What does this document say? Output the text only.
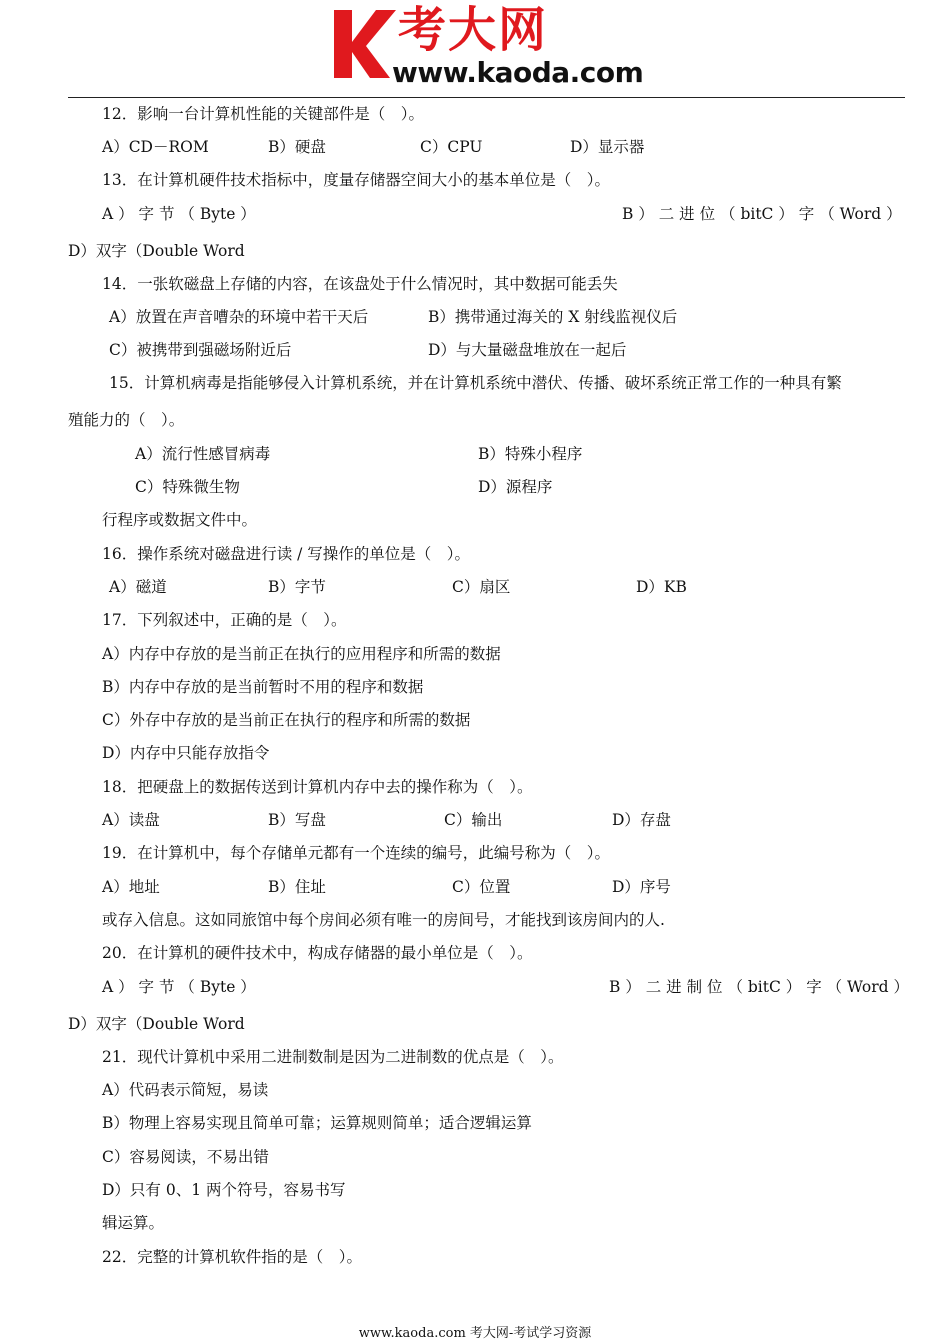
考大网
www.kaoda.com
12．影响一台计算机性能的关键部件是（　）。
A）CD－ROM	B）硬盘	C）CPU	D）显示器
13．在计算机硬件技术指标中，度量存储器空间大小的基本单位是（　）。
A ） 字 节 （ Byte ）	B ） 二 进 位 （ bitC ） 字 （ Word ）
D）双字（Double Word
14．一张软磁盘上存储的内容，在该盘处于什么情况时，其中数据可能丢失
A）放置在声音嘈杂的环境中若干天后	B）携带通过海关的 X 射线监视仪后
C）被携带到强磁场附近后	D）与大量磁盘堆放在一起后
15．计算机病毒是指能够侵入计算机系统，并在计算机系统中潜伏、传播、破坏系统正常工作的一种具有繁
殖能力的（　）。
A）流行性感冒病毒	B）特殊小程序
C）特殊微生物	D）源程序
行程序或数据文件中。
16．操作系统对磁盘进行读 / 写操作的单位是（　）。
A）磁道	B）字节	C）扇区	D）KB
17．下列叙述中，正确的是（　）。
A）内存中存放的是当前正在执行的应用程序和所需的数据
B）内存中存放的是当前暂时不用的程序和数据
C）外存中存放的是当前正在执行的程序和所需的数据
D）内存中只能存放指令
18．把硬盘上的数据传送到计算机内存中去的操作称为（　）。
A）读盘	B）写盘	C）输出	D）存盘
19．在计算机中，每个存储单元都有一个连续的编号，此编号称为（　）。
A）地址	B）住址	C）位置	D）序号
或存入信息。这如同旅馆中每个房间必须有唯一的房间号，才能找到该房间内的人.
20．在计算机的硬件技术中，构成存储器的最小单位是（　）。
A ） 字 节 （ Byte ）	B ） 二 进 制 位 （ bitC ） 字 （ Word ）
D）双字（Double Word
21．现代计算机中采用二进制数制是因为二进制数的优点是（　）。
A）代码表示简短，易读
B）物理上容易实现且简单可靠；运算规则简单；适合逻辑运算
C）容易阅读，不易出错
D）只有 0、1 两个符号，容易书写
辑运算。
22．完整的计算机软件指的是（　）。
www.kaoda.com 考大网-考试学习资源
